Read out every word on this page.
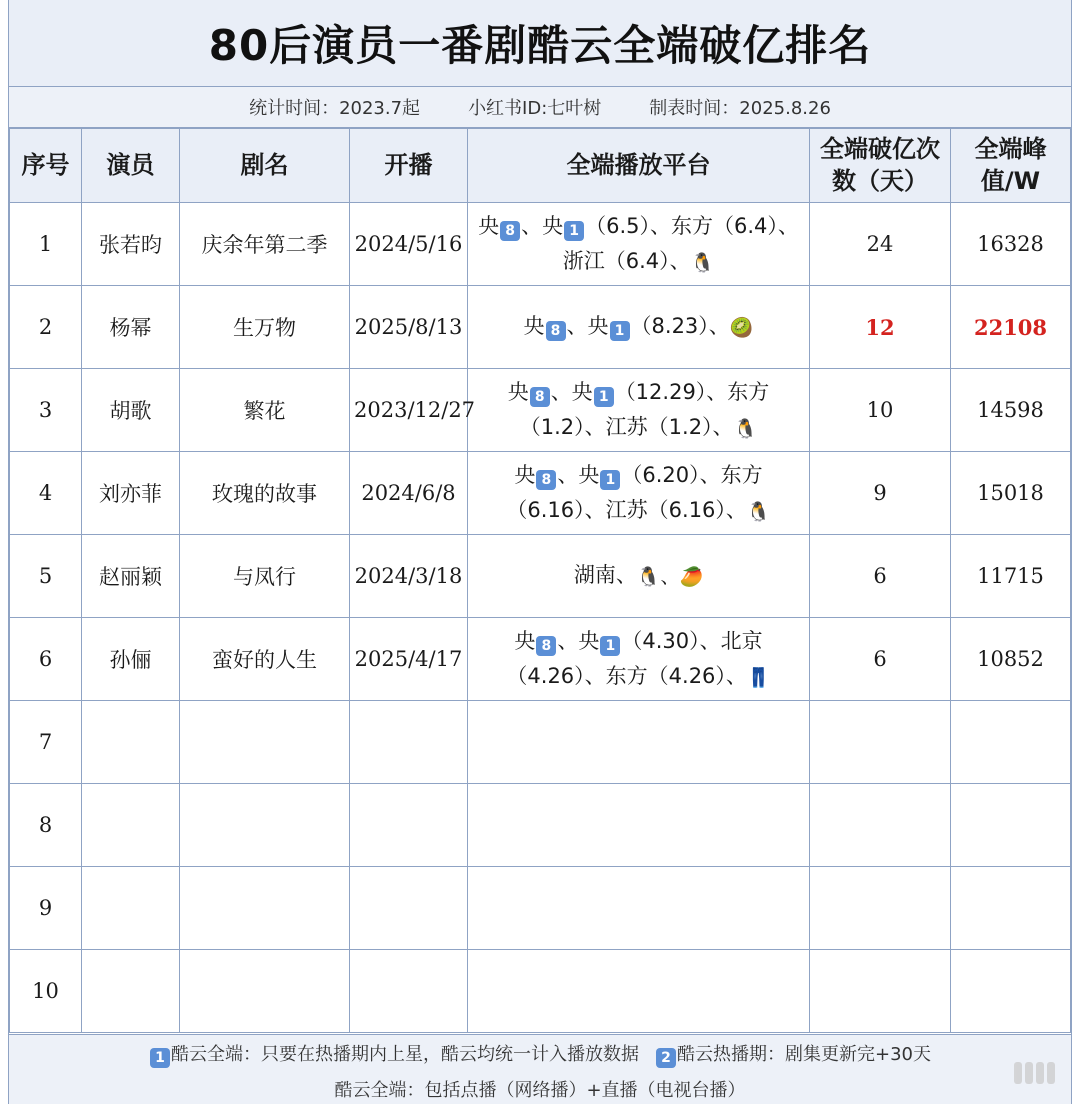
80后演员一番剧酷云全端破亿排名
统计时间：2023.7起	小红书ID:七叶树	制表时间：2025.8.26
序号	演员	剧名	开播	全端播放平台	全端破亿次数（天）	全端峰值/W
1	张若昀	庆余年第二季	2024/5/16	央 8 、央 1 （6.5）、东方（6.4）、浙江（6.4）、🐧	24	16328
2	杨幂	生万物	2025/8/13	央 8 、央 1 （8.23）、🥝	12	22108
3	胡歌	繁花	2023/12/27	央 8 、央 1 （12.29）、东方（1.2）、江苏（1.2）、🐧	10	14598
4	刘亦菲	玫瑰的故事	2024/6/8	央 8 、央 1 （6.20）、东方（6.16）、江苏（6.16）、🐧	9	15018
5	赵丽颖	与凤行	2024/3/18	湖南、🐧、🥭	6	11715
6	孙俪	蛮好的人生	2025/4/17	央 8 、央 1 （4.30）、北京（4.26）、东方（4.26）、👖	6	10852
7						
8						
9						
10						
1 酷云全端：只要在热播期内上星，酷云均统一计入播放数据	2 酷云热播期：剧集更新完+30天
酷云全端：包括点播（网络播）+直播（电视台播）
